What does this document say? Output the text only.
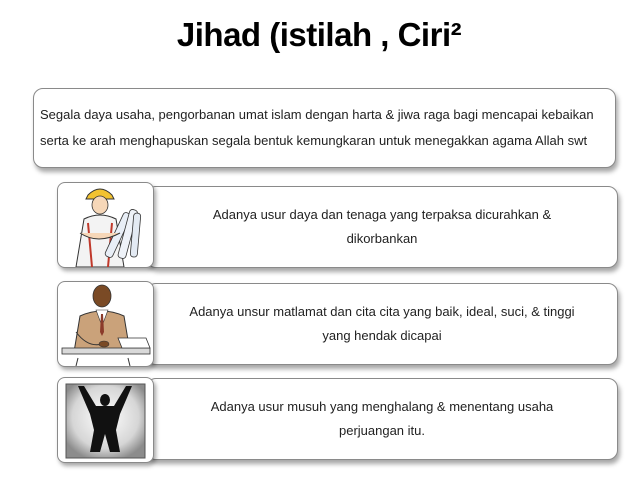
Jihad (istilah , Ciri²
Segala daya usaha, pengorbanan umat islam dengan harta & jiwa raga bagi mencapai kebaikan
serta ke arah menghapuskan segala bentuk kemungkaran untuk menegakkan agama Allah swt
Adanya usur daya dan tenaga yang terpaksa dicurahkan &
dikorbankan
Adanya unsur matlamat dan cita cita yang baik, ideal, suci, & tinggi
yang hendak dicapai
Adanya usur musuh yang menghalang & menentang usaha
perjuangan itu.
